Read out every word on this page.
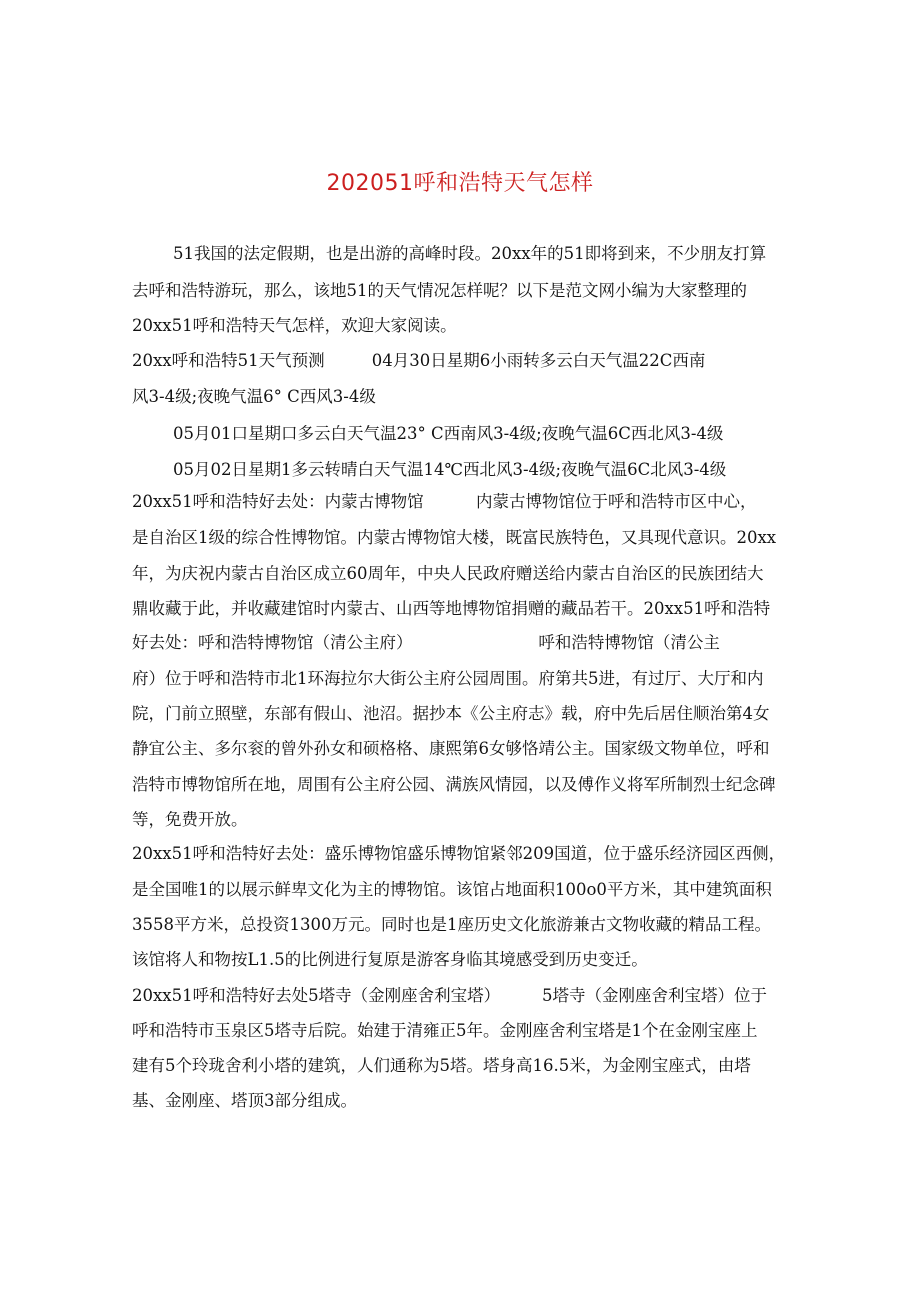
202051呼和浩特天气怎样
51我国的法定假期，也是出游的高峰时段。20xx年的51即将到来，不少朋友打算
去呼和浩特游玩，那么，该地51的天气情况怎样呢？以下是范文网小编为大家整理的
20xx51呼和浩特天气怎样，欢迎大家阅读。
20xx呼和浩特51天气预测         04月30日星期6小雨转多云白天气温22C西南
风3-4级;夜晚气温6° C西风3-4级
05月01口星期口多云白天气温23° C西南风3-4级;夜晚气温6C西北风3-4级
05月02日星期1多云转晴白天气温14℃西北风3-4级;夜晚气温6C北风3-4级
20xx51呼和浩特好去处：内蒙古博物馆          内蒙古博物馆位于呼和浩特市区中心，
是自治区1级的综合性博物馆。内蒙古博物馆大楼，既富民族特色，又具现代意识。20xx
年，为庆祝内蒙古自治区成立60周年，中央人民政府赠送给内蒙古自治区的民族团结大
鼎收藏于此，并收藏建馆时内蒙古、山西等地博物馆捐赠的藏品若干。20xx51呼和浩特
好去处：呼和浩特博物馆（清公主府）                        呼和浩特博物馆（清公主
府）位于呼和浩特市北1环海拉尔大街公主府公园周围。府第共5进，有过厅、大厅和内
院，门前立照壁，东部有假山、池沼。据抄本《公主府志》载，府中先后居住顺治第4女
静宜公主、多尔衮的曾外孙女和硕格格、康熙第6女够恪靖公主。国家级文物单位，呼和
浩特市博物馆所在地，周围有公主府公园、满族风情园，以及傅作义将军所制烈士纪念碑
等，免费开放。
20xx51呼和浩特好去处：盛乐博物馆盛乐博物馆紧邻209国道，位于盛乐经济园区西侧，
是全国唯1的以展示鲜卑文化为主的博物馆。该馆占地面积100o0平方米，其中建筑面积
3558平方米，总投资1300万元。同时也是1座历史文化旅游兼古文物收藏的精品工程。
该馆将人和物按L1.5的比例进行复原是游客身临其境感受到历史变迁。
20xx51呼和浩特好去处5塔寺（金刚座舍利宝塔）        5塔寺（金刚座舍利宝塔）位于
呼和浩特市玉泉区5塔寺后院。始建于清雍正5年。金刚座舍利宝塔是1个在金刚宝座上
建有5个玲珑舍利小塔的建筑，人们通称为5塔。塔身高16.5米，为金刚宝座式，由塔
基、金刚座、塔顶3部分组成。
